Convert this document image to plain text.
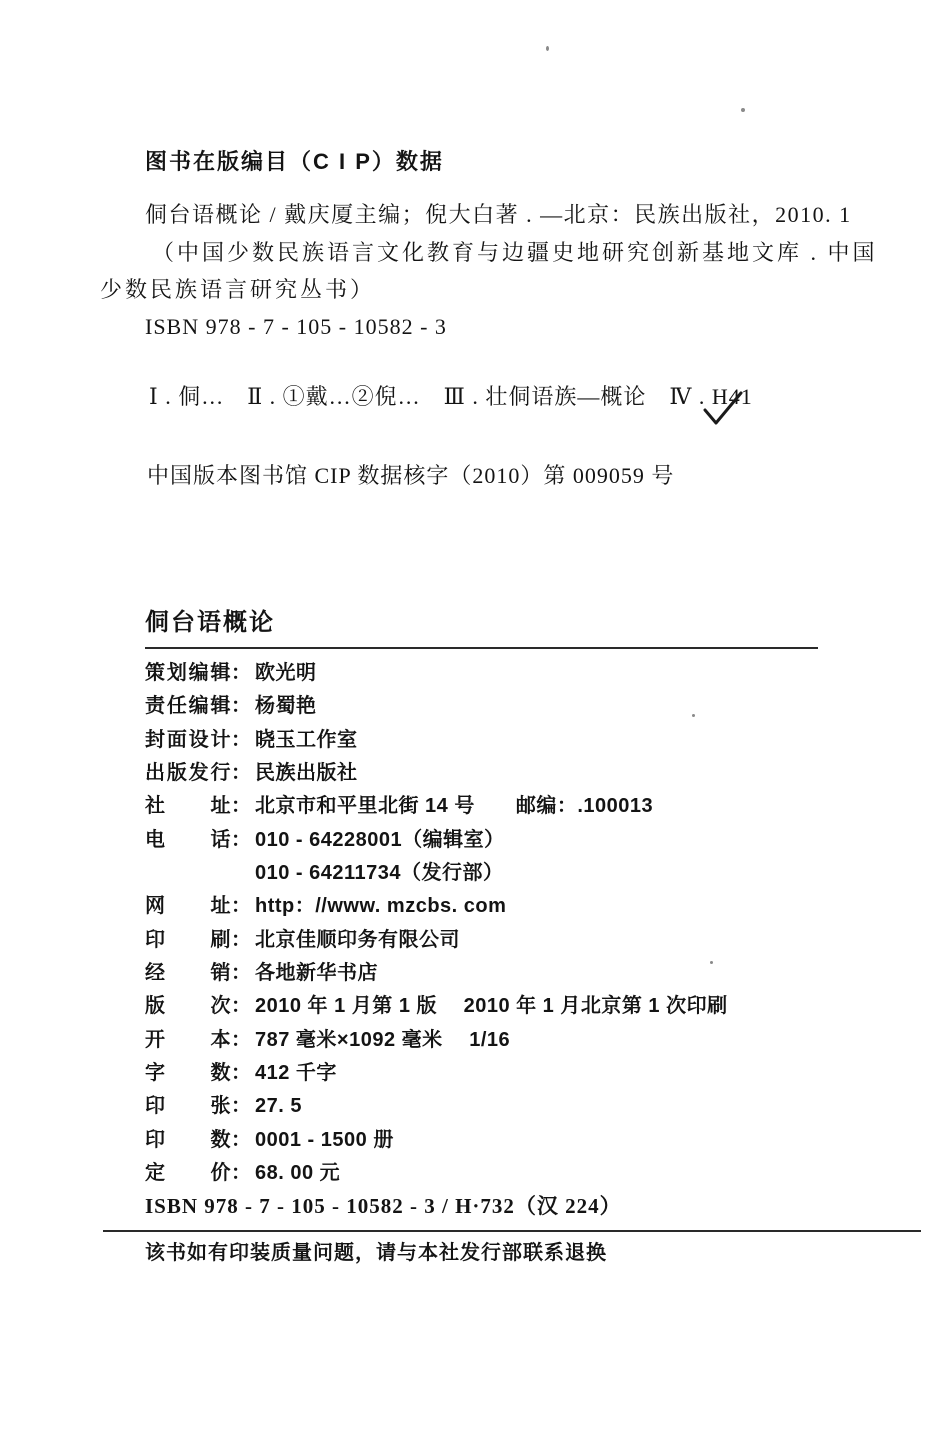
图书在版编目（C I P）数据
侗台语概论 / 戴庆厦主编；倪大白著 . —北京：民族出版社，2010. 1
（中国少数民族语言文化教育与边疆史地研究创新基地文库 . 中国
少数民族语言研究丛书）
ISBN 978 - 7 - 105 - 10582 - 3
Ⅰ . 侗…　Ⅱ . ①戴…②倪…　Ⅲ . 壮侗语族—概论　Ⅳ . H41
中国版本图书馆 CIP 数据核字（2010）第 009059 号
侗台语概论
策划编辑： 欧光明
责任编辑： 杨蜀艳
封面设计： 晓玉工作室
出版发行： 民族出版社
社址： 北京市和平里北街 14 号　　邮编：.100013
电话： 010 - 64228001（编辑室）
010 - 64211734（发行部）
网址： http：//www. mzcbs. com
印刷： 北京佳顺印务有限公司
经销： 各地新华书店
版次： 2010 年 1 月第 1 版　 2010 年 1 月北京第 1 次印刷
开本： 787 毫米×1092 毫米　 1/16
字数： 412 千字
印张： 27. 5
印数： 0001 - 1500 册
定价： 68. 00 元
ISBN 978 - 7 - 105 - 10582 - 3 / H·732（汉 224）
该书如有印装质量问题，请与本社发行部联系退换
